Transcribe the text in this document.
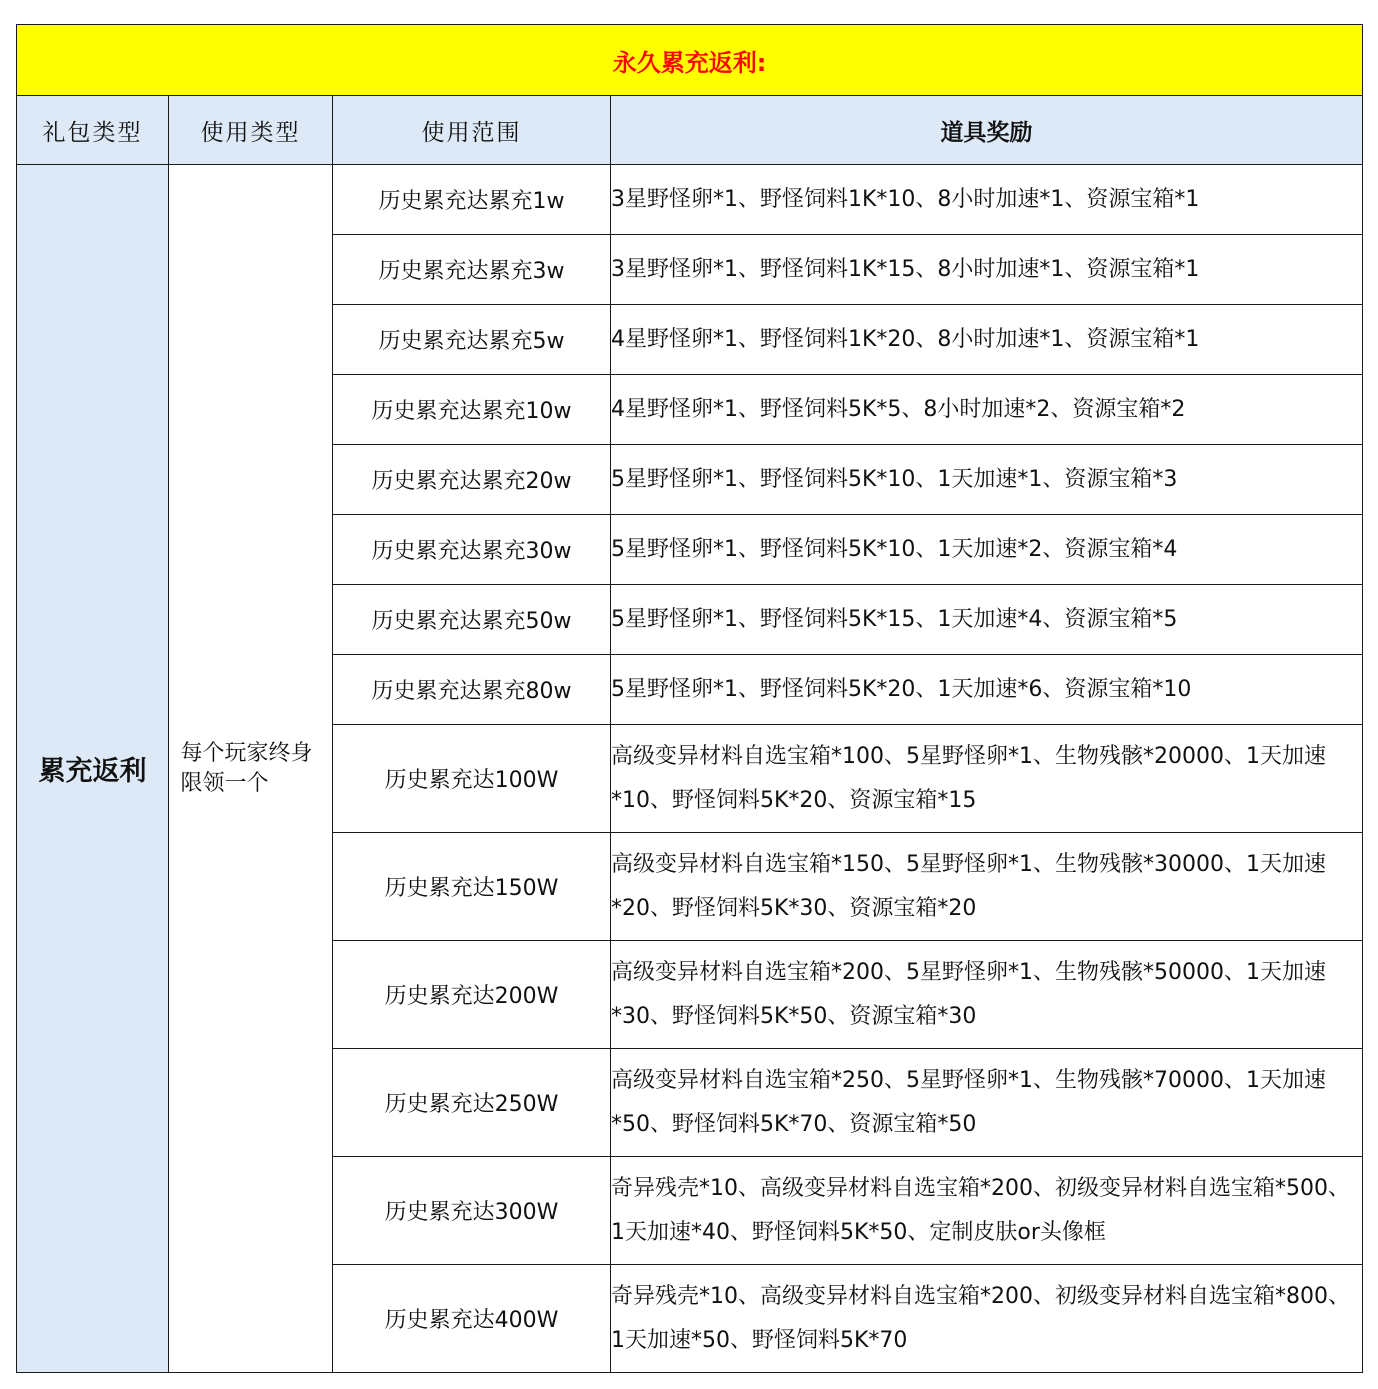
永久累充返利:			
礼包类型	使用类型	使用范围	道具奖励
累充返利	每个玩家终身限领一个	历史累充达累充1w	3星野怪卵*1、野怪饲料1K*10、8小时加速*1、资源宝箱*1
		历史累充达累充3w	3星野怪卵*1、野怪饲料1K*15、8小时加速*1、资源宝箱*1
		历史累充达累充5w	4星野怪卵*1、野怪饲料1K*20、8小时加速*1、资源宝箱*1
		历史累充达累充10w	4星野怪卵*1、野怪饲料5K*5、8小时加速*2、资源宝箱*2
		历史累充达累充20w	5星野怪卵*1、野怪饲料5K*10、1天加速*1、资源宝箱*3
		历史累充达累充30w	5星野怪卵*1、野怪饲料5K*10、1天加速*2、资源宝箱*4
		历史累充达累充50w	5星野怪卵*1、野怪饲料5K*15、1天加速*4、资源宝箱*5
		历史累充达累充80w	5星野怪卵*1、野怪饲料5K*20、1天加速*6、资源宝箱*10
		历史累充达100W	高级变异材料自选宝箱*100、5星野怪卵*1、生物残骸*20000、1天加速*10、野怪饲料5K*20、资源宝箱*15
		历史累充达150W	高级变异材料自选宝箱*150、5星野怪卵*1、生物残骸*30000、1天加速*20、野怪饲料5K*30、资源宝箱*20
		历史累充达200W	高级变异材料自选宝箱*200、5星野怪卵*1、生物残骸*50000、1天加速*30、野怪饲料5K*50、资源宝箱*30
		历史累充达250W	高级变异材料自选宝箱*250、5星野怪卵*1、生物残骸*70000、1天加速*50、野怪饲料5K*70、资源宝箱*50
		历史累充达300W	奇异残壳*10、高级变异材料自选宝箱*200、初级变异材料自选宝箱*500、1天加速*40、野怪饲料5K*50、定制皮肤or头像框
		历史累充达400W	奇异残壳*10、高级变异材料自选宝箱*200、初级变异材料自选宝箱*800、1天加速*50、野怪饲料5K*70
